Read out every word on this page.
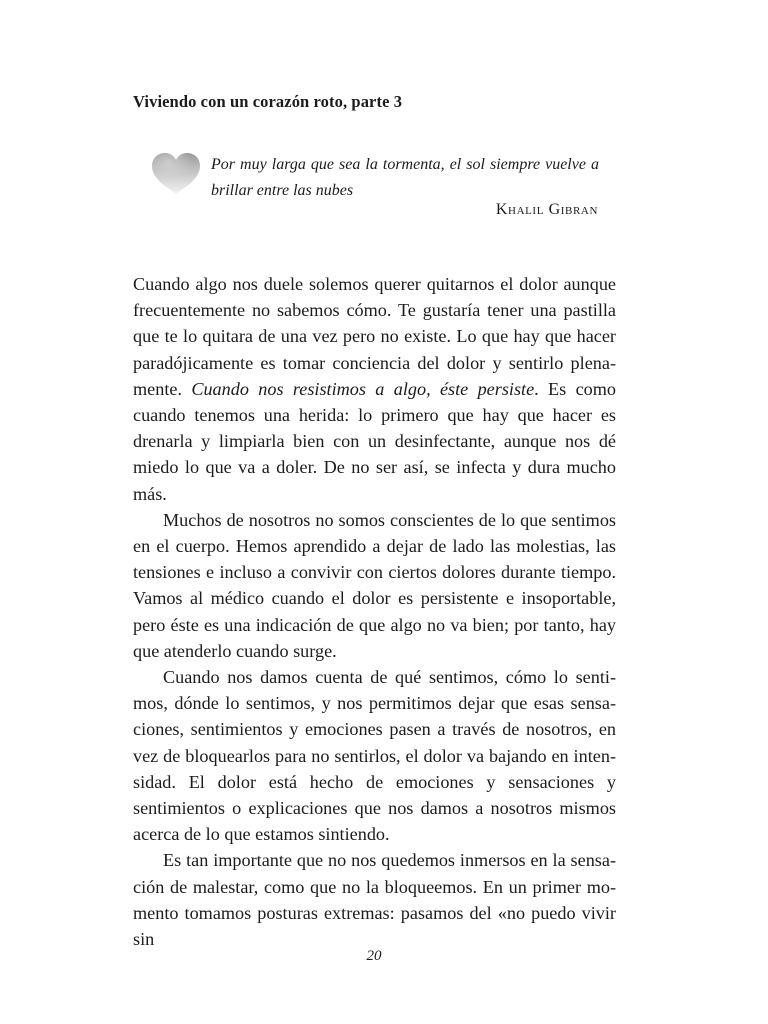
Viviendo con un corazón roto, parte 3
Por muy larga que sea la tormenta, el sol siempre vuelve a brillar entre las nubes
Khalil Gibran

Cuando algo nos duele solemos querer quitarnos el dolor aunque frecuentemente no sabemos cómo. Te gustaría tener una pastilla que te lo quitara de una vez pero no existe. Lo que hay que hacer paradójicamente es tomar conciencia del dolor y sentirlo plenamente. Cuando nos resistimos a algo, éste persiste. Es como cuando tenemos una herida: lo primero que hay que hacer es drenarla y limpiarla bien con un desinfectante, aunque nos dé miedo lo que va a doler. De no ser así, se infecta y dura mucho más.

Muchos de nosotros no somos conscientes de lo que sentimos en el cuerpo. Hemos aprendido a dejar de lado las molestias, las tensiones e incluso a convivir con ciertos dolores durante tiempo. Vamos al médico cuando el dolor es persistente e insoportable, pero éste es una indicación de que algo no va bien; por tanto, hay que atenderlo cuando surge.

Cuando nos damos cuenta de qué sentimos, cómo lo sentimos, dónde lo sentimos, y nos permitimos dejar que esas sensaciones, sentimientos y emociones pasen a través de nosotros, en vez de bloquearlos para no sentirlos, el dolor va bajando en intensidad. El dolor está hecho de emociones y sensaciones y sentimientos o explicaciones que nos damos a nosotros mismos acerca de lo que estamos sintiendo.

Es tan importante que no nos quedemos inmersos en la sensación de malestar, como que no la bloqueemos. En un primer momento tomamos posturas extremas: pasamos del «no puedo vivir sin

20
